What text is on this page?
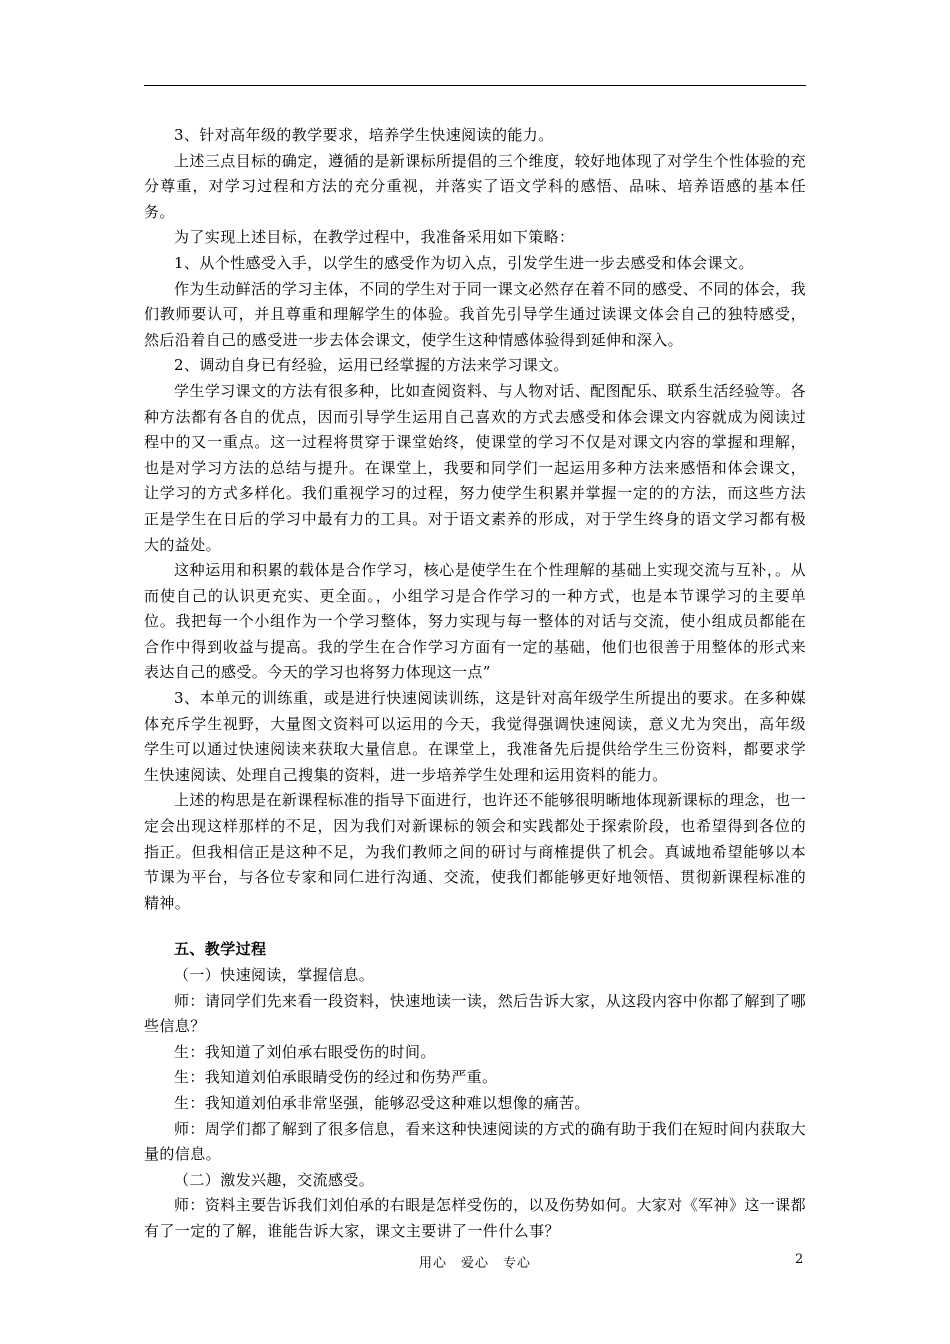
3、针对高年级的教学要求，培养学生快速阅读的能力。

上述三点目标的确定，遵循的是新课标所提倡的三个维度，较好地体现了对学生个性体验的充分尊重，对学习过程和方法的充分重视，并落实了语文学科的感悟、品味、培养语感的基本任务。

为了实现上述目标，在教学过程中，我准备采用如下策略：

1、从个性感受入手，以学生的感受作为切入点，引发学生进一步去感受和体会课文。

作为生动鲜活的学习主体，不同的学生对于同一课文必然存在着不同的感受、不同的体会，我们教师要认可，并且尊重和理解学生的体验。我首先引导学生通过读课文体会自己的独特感受，然后沿着自己的感受进一步去体会课文，使学生这种情感体验得到延伸和深入。

2、调动自身已有经验，运用已经掌握的方法来学习课文。

学生学习课文的方法有很多种，比如查阅资料、与人物对话、配图配乐、联系生活经验等。各种方法都有各自的优点，因而引导学生运用自己喜欢的方式去感受和体会课文内容就成为阅读过程中的又一重点。这一过程将贯穿于课堂始终，使课堂的学习不仅是对课文内容的掌握和理解，也是对学习方法的总结与提升。在课堂上，我要和同学们一起运用多种方法来感悟和体会课文，让学习的方式多样化。我们重视学习的过程，努力使学生积累并掌握一定的的方法，而这些方法正是学生在日后的学习中最有力的工具。对于语文素养的形成，对于学生终身的语文学习都有极大的益处。

这种运用和积累的载体是合作学习，核心是使学生在个性理解的基础上实现交流与互补，。从而使自己的认识更充实、更全面。，小组学习是合作学习的一种方式，也是本节课学习的主要单位。我把每一个小组作为一个学习整体，努力实现与每一整体的对话与交流，使小组成员都能在合作中得到收益与提高。我的学生在合作学习方面有一定的基础，他们也很善于用整体的形式来表达自己的感受。今天的学习也将努力体现这一点”

3、本单元的训练重，或是进行快速阅读训练，这是针对高年级学生所提出的要求。在多种媒体充斥学生视野，大量图文资料可以运用的今天，我觉得强调快速阅读，意义尤为突出，高年级学生可以通过快速阅读来获取大量信息。在课堂上，我准备先后提供给学生三份资料，都要求学生快速阅读、处理自己搜集的资料，进一步培养学生处理和运用资料的能力。

上述的构思是在新课程标准的指导下面进行，也许还不能够很明晰地体现新课标的理念，也一定会出现这样那样的不足，因为我们对新课标的领会和实践都处于探索阶段，也希望得到各位的指正。但我相信正是这种不足，为我们教师之间的研讨与商榷提供了机会。真诚地希望能够以本节课为平台，与各位专家和同仁进行沟通、交流，使我们都能够更好地领悟、贯彻新课程标准的精神。

五、教学过程

（一）快速阅读，掌握信息。

师：请同学们先来看一段资料，快速地读一读，然后告诉大家，从这段内容中你都了解到了哪些信息？

生：我知道了刘伯承右眼受伤的时间。

生：我知道刘伯承眼睛受伤的经过和伤势严重。

生：我知道刘伯承非常坚强，能够忍受这种难以想像的痛苦。

师：周学们都了解到了很多信息，看来这种快速阅读的方式的确有助于我们在短时间内获取大量的信息。

（二）激发兴趣，交流感受。

师：资料主要告诉我们刘伯承的右眼是怎样受伤的，以及伤势如何。大家对《军神》这一课都有了一定的了解，谁能告诉大家，课文主要讲了一件什么事？

用心　爱心　专心	2
